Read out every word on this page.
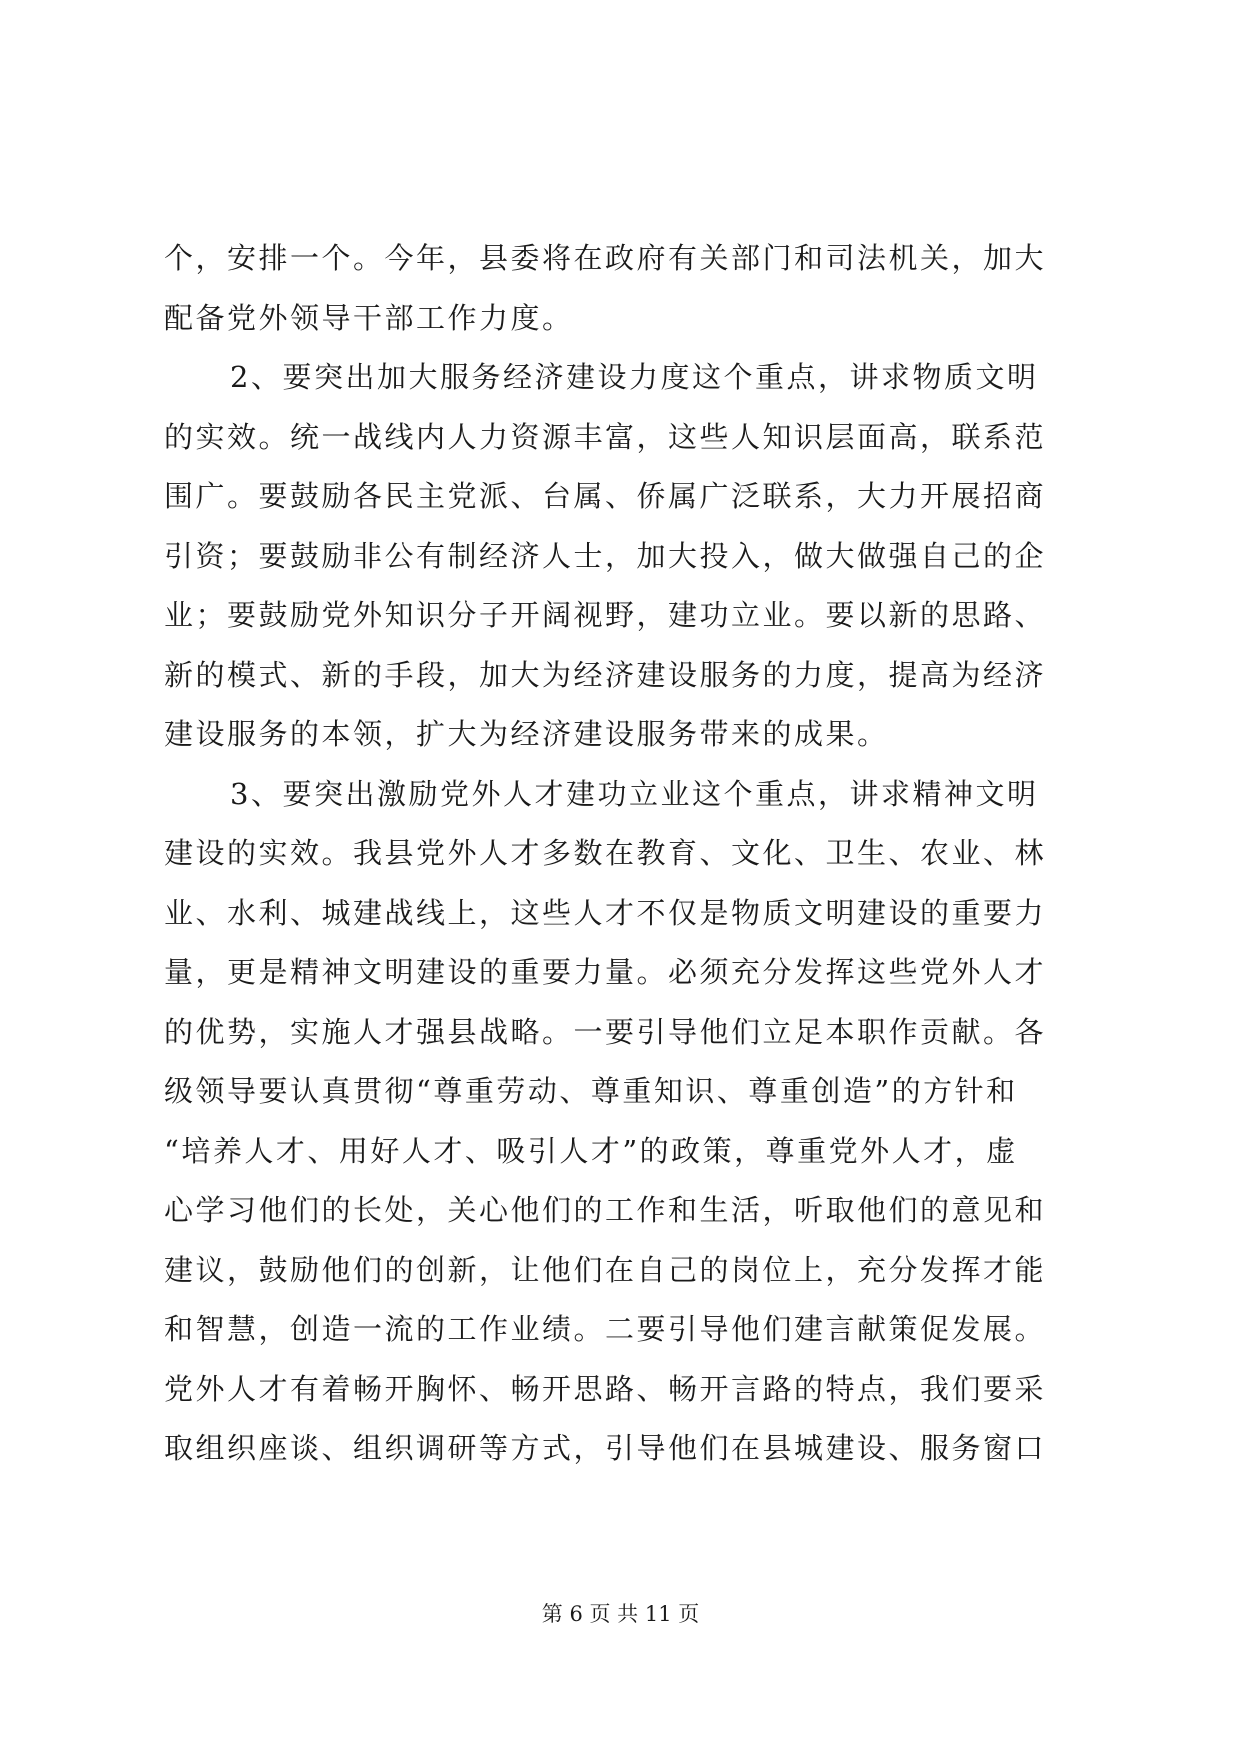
个，安排一个。今年，县委将在政府有关部门和司法机关，加大
配备党外领导干部工作力度。
2、要突出加大服务经济建设力度这个重点，讲求物质文明
的实效。统一战线内人力资源丰富，这些人知识层面高，联系范
围广。要鼓励各民主党派、台属、侨属广泛联系，大力开展招商
引资；要鼓励非公有制经济人士，加大投入，做大做强自己的企
业；要鼓励党外知识分子开阔视野，建功立业。要以新的思路、
新的模式、新的手段，加大为经济建设服务的力度，提高为经济
建设服务的本领，扩大为经济建设服务带来的成果。
3、要突出激励党外人才建功立业这个重点，讲求精神文明
建设的实效。我县党外人才多数在教育、文化、卫生、农业、林
业、水利、城建战线上，这些人才不仅是物质文明建设的重要力
量，更是精神文明建设的重要力量。必须充分发挥这些党外人才
的优势，实施人才强县战略。一要引导他们立足本职作贡献。各
级领导要认真贯彻“尊重劳动、尊重知识、尊重创造”的方针和
“培养人才、用好人才、吸引人才”的政策，尊重党外人才，虚
心学习他们的长处，关心他们的工作和生活，听取他们的意见和
建议，鼓励他们的创新，让他们在自己的岗位上，充分发挥才能
和智慧，创造一流的工作业绩。二要引导他们建言献策促发展。
党外人才有着畅开胸怀、畅开思路、畅开言路的特点，我们要采
取组织座谈、组织调研等方式，引导他们在县城建设、服务窗口
第 6 页 共 11 页
